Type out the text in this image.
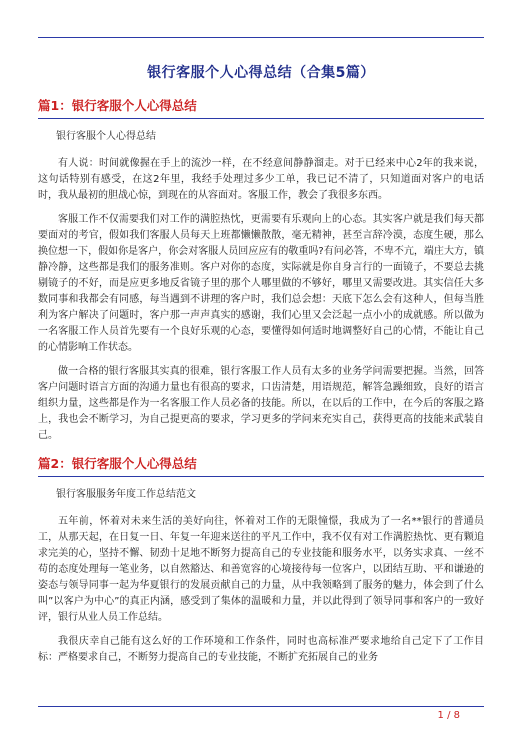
银行客服个人心得总结（合集5篇）
篇1：银行客服个人心得总结
银行客服个人心得总结

有人说：时间就像握在手上的流沙一样，在不经意间静静溜走。对于已经来中心2年的我来说，这句话特别有感受，在这2年里，我经手处理过多少工单，我已记不清了，只知道面对客户的电话时，我从最初的胆战心惊，到现在的从容面对。客服工作，教会了我很多东西。

客服工作不仅需要我们对工作的满腔热忱，更需要有乐观向上的心态。其实客户就是我们每天都要面对的考官，假如我们客服人员每天上班都懒懒散散，毫无精神，甚至言辞冷漠，态度生硬，那么换位想一下，假如你是客户，你会对客服人员回应应有的敬重吗?有问必答，不卑不亢，端庄大方，镇静冷静，这些都是我们的服务准则。客户对你的态度，实际就是你自身言行的一面镜子，不要总去挑剔镜子的不好，而是应更多地反省镜子里的那个人哪里做的不够好，哪里又需要改进。其实信任大多数同事和我都会有同感，每当遇到不讲理的客户时，我们总会想：天底下怎么会有这种人，但每当胜利为客户解决了问题时，客户那一声声真实的感谢，我们心里又会泛起一点小小的成就感。所以做为一名客服工作人员首先要有一个良好乐观的心态，要懂得如何适时地调整好自己的心情，不能让自己的心情影响工作状态。

做一合格的银行客服其实真的很难，银行客服工作人员有太多的业务学问需要把握。当然，回答客户问题时语言方面的沟通力量也有很高的要求，口齿清楚，用语规范，解答急躁细致，良好的语言组织力量，这些都是作为一名客服工作人员必备的技能。所以，在以后的工作中，在今后的客服之路上，我也会不断学习，为自己提更高的要求，学习更多的学问来充实自己，获得更高的技能来武装自己。

篇2：银行客服个人心得总结
银行客服服务年度工作总结范文

五年前，怀着对未来生活的美好向往，怀着对工作的无限憧憬，我成为了一名**银行的普通员工，从那天起，在日复一日、年复一年迎来送往的平凡工作中，我不仅有对工作满腔热忱、更有颗追求完美的心，坚持不懈、韧劲十足地不断努力提高自己的专业技能和服务水平，以务实求真、一丝不苟的态度处理每一笔业务，以自然豁达、和善宽容的心境接待每一位客户，以团结互助、平和谦逊的姿态与领导同事一起为华夏银行的发展贡献自己的力量，从中我领略到了服务的魅力，体会到了什么叫”以客户为中心”的真正内涵，感受到了集体的温暖和力量，并以此得到了领导同事和客户的一致好评，银行从业人员工作总结。

我很庆幸自己能有这么好的工作环境和工作条件，同时也高标准严要求地给自己定下了工作目标：严格要求自己，不断努力提高自己的专业技能，不断扩充拓展自己的业务

1 / 8
